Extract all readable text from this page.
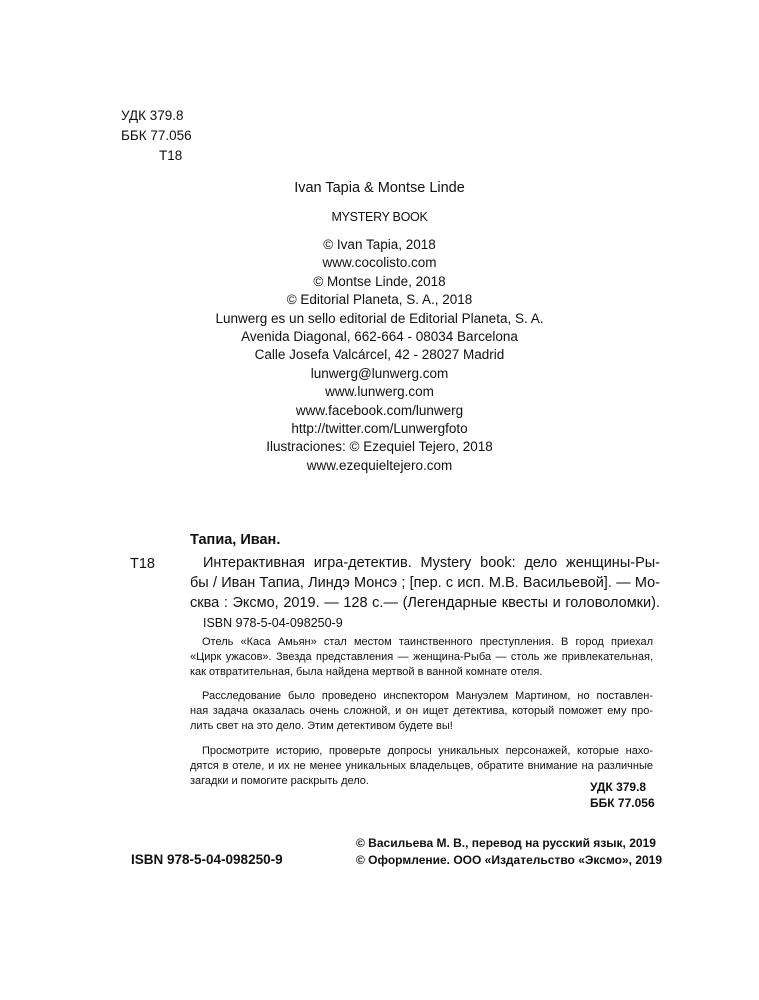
УДК 379.8
ББК 77.056
Т18
Ivan Tapia & Montse Linde
MYSTERY BOOK
© Ivan Tapia, 2018
www.cocolisto.com
© Montse Linde, 2018
© Editorial Planeta, S. A., 2018
Lunwerg es un sello editorial de Editorial Planeta, S. A.
Avenida Diagonal, 662-664 - 08034 Barcelona
Calle Josefa Valcárcel, 42 - 28027 Madrid
lunwerg@lunwerg.com
www.lunwerg.com
www.facebook.com/lunwerg
http://twitter.com/Lunwergfoto
Ilustraciones: © Ezequiel Tejero, 2018
www.ezequieltejero.com
Тапиа, Иван.
Т18	Интерактивная игра-детектив. Mystery book: дело женщины-Ры-
бы / Иван Тапиа, Линдэ Монсэ ; [пер. с исп. М.В. Васильевой]. — Мо-
сква : Эксмо, 2019. — 128 с.— (Легендарные квесты и головоломки).
ISBN 978-5-04-098250-9
Отель «Каса Амьян» стал местом таинственного преступления. В город приехал
«Цирк ужасов». Звезда представления — женщина-Рыба — столь же привлекательная,
как отвратительная, была найдена мертвой в ванной комнате отеля.
Расследование было проведено инспектором Мануэлем Мартином, но поставлен-
ная задача оказалась очень сложной, и он ищет детектива, который поможет ему про-
лить свет на это дело. Этим детективом будете вы!
Просмотрите историю, проверьте допросы уникальных персонажей, которые нахо-
дятся в отеле, и их не менее уникальных владельцев, обратите внимание на различные
загадки и помогите раскрыть дело.	УДК 379.8
ББК 77.056
ISBN 978-5-04-098250-9
© Васильева М. В., перевод на русский язык, 2019
© Оформление. ООО «Издательство «Эксмо», 2019
